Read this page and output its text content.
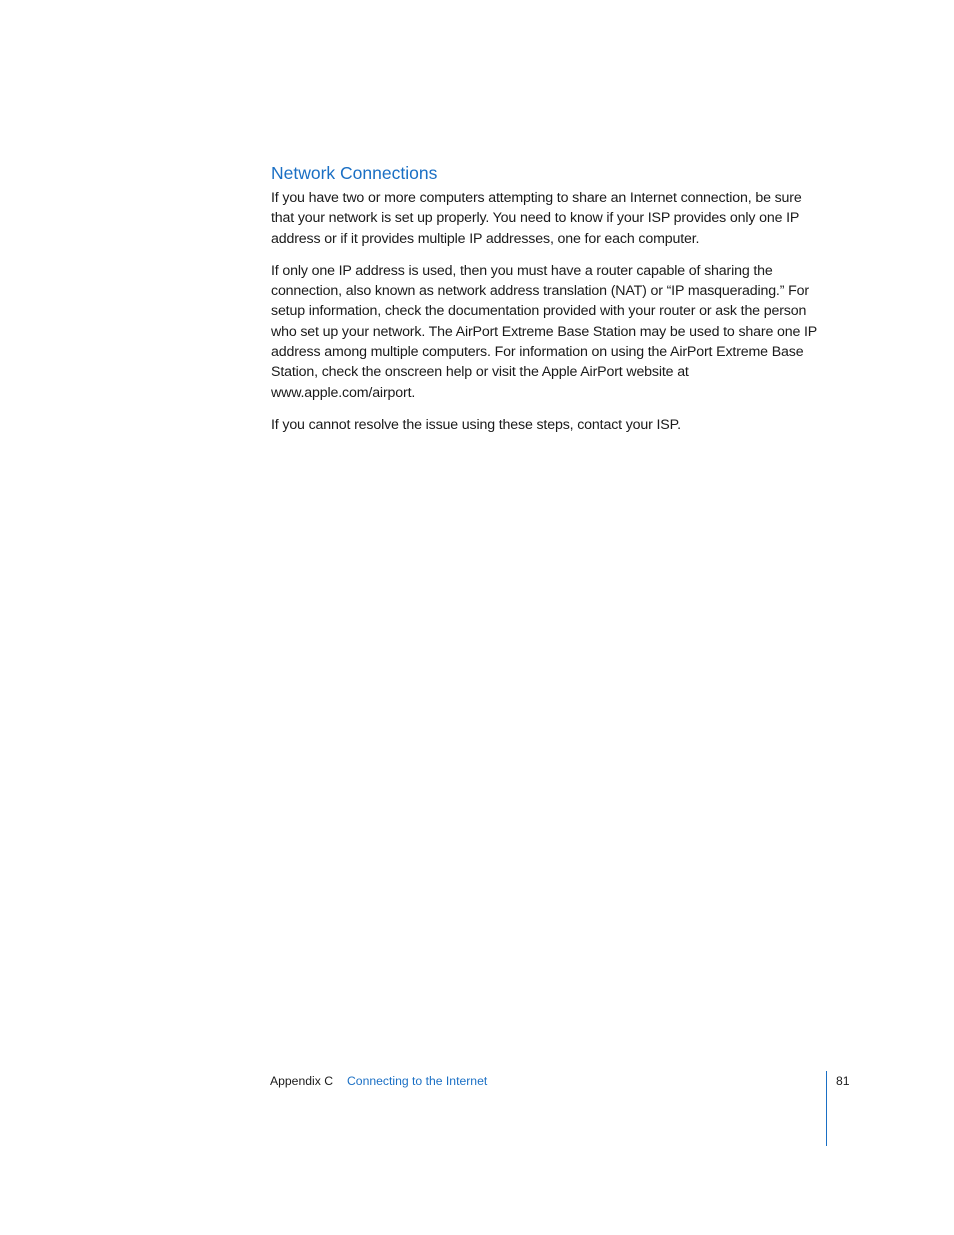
Network Connections

If you have two or more computers attempting to share an Internet connection, be sure that your network is set up properly. You need to know if your ISP provides only one IP address or if it provides multiple IP addresses, one for each computer.

If only one IP address is used, then you must have a router capable of sharing the connection, also known as network address translation (NAT) or “IP masquerading.” For setup information, check the documentation provided with your router or ask the person who set up your network. The AirPort Extreme Base Station may be used to share one IP address among multiple computers. For information on using the AirPort Extreme Base Station, check the onscreen help or visit the Apple AirPort website at www.apple.com/airport.

If you cannot resolve the issue using these steps, contact your ISP.

Appendix C Connecting to the Internet	81
